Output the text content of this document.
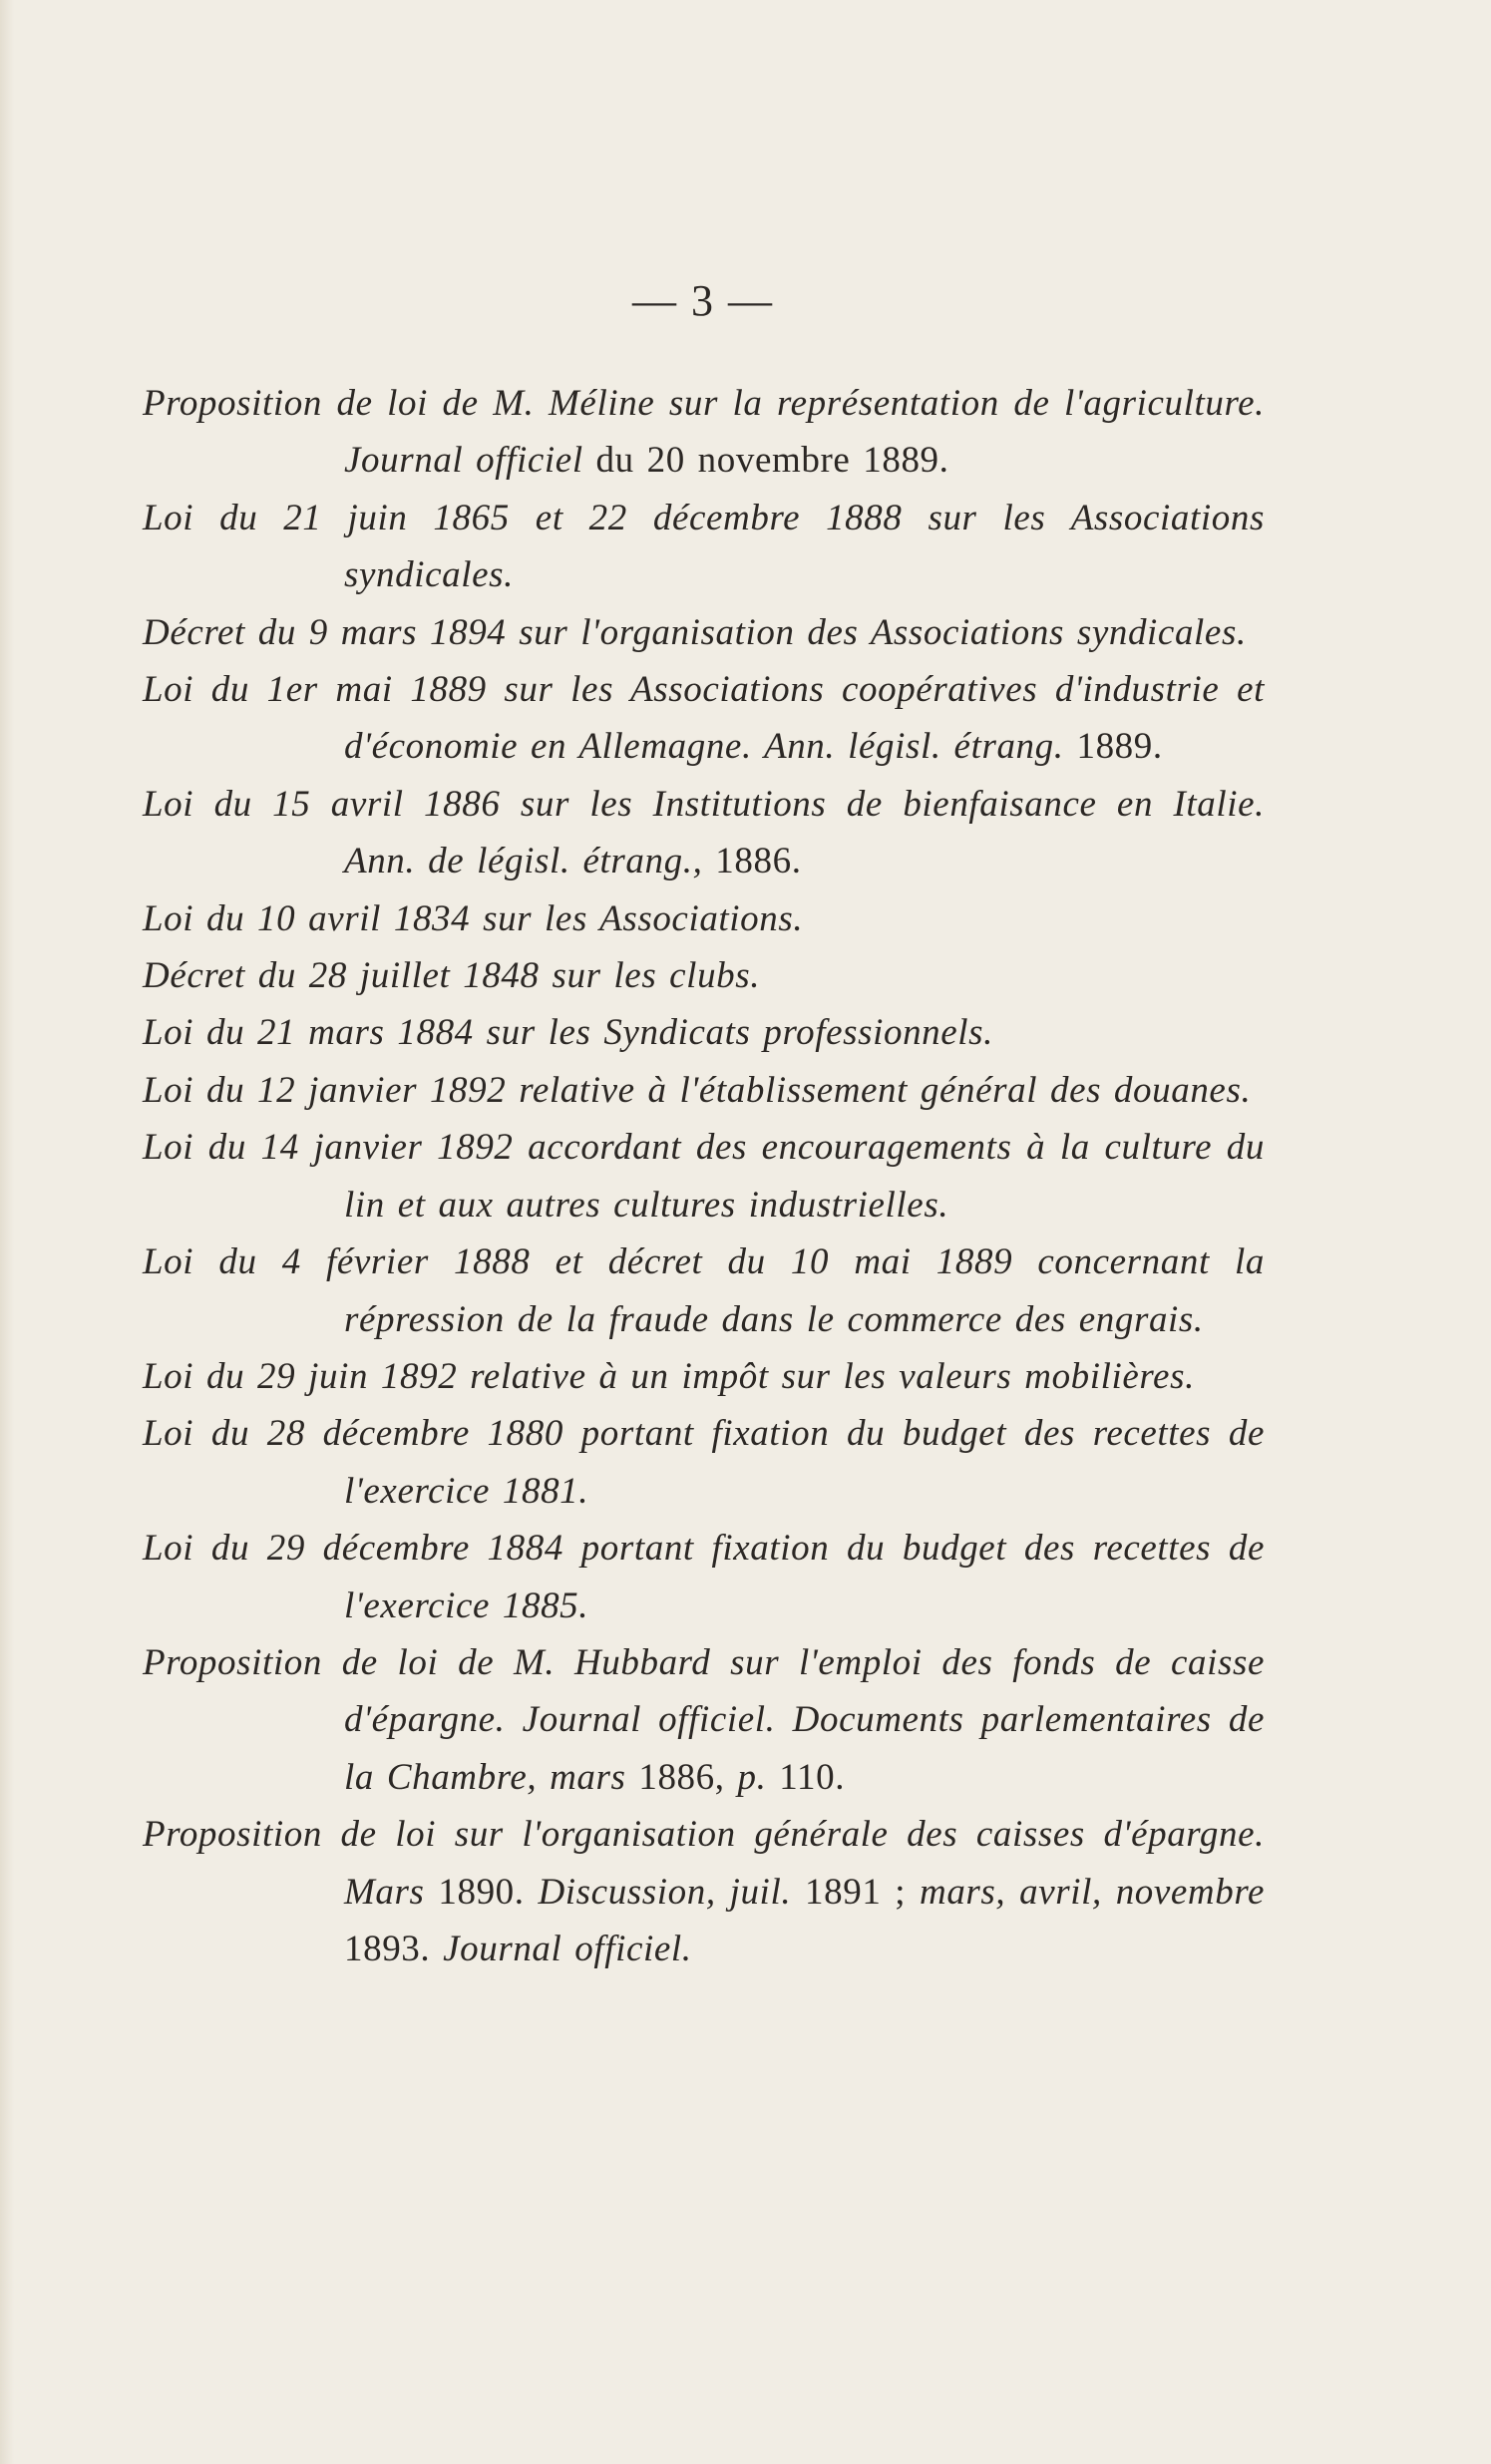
— 3 —
Proposition de loi de M. Méline sur la représentation de l'agriculture. Journal officiel du 20 novembre 1889.
Loi du 21 juin 1865 et 22 décembre 1888 sur les Associations syndicales.
Décret du 9 mars 1894 sur l'organisation des Associations syndicales.
Loi du 1er mai 1889 sur les Associations coopératives d'industrie et d'économie en Allemagne. Ann. législ. étrang. 1889.
Loi du 15 avril 1886 sur les Institutions de bienfaisance en Italie. Ann. de législ. étrang., 1886.
Loi du 10 avril 1834 sur les Associations.
Décret du 28 juillet 1848 sur les clubs.
Loi du 21 mars 1884 sur les Syndicats professionnels.
Loi du 12 janvier 1892 relative à l'établissement général des douanes.
Loi du 14 janvier 1892 accordant des encouragements à la culture du lin et aux autres cultures industrielles.
Loi du 4 février 1888 et décret du 10 mai 1889 concernant la répression de la fraude dans le commerce des engrais.
Loi du 29 juin 1892 relative à un impôt sur les valeurs mobilières.
Loi du 28 décembre 1880 portant fixation du budget des recettes de l'exercice 1881.
Loi du 29 décembre 1884 portant fixation du budget des recettes de l'exercice 1885.
Proposition de loi de M. Hubbard sur l'emploi des fonds de caisse d'épargne. Journal officiel. Documents parlementaires de la Chambre, mars 1886, p. 110.
Proposition de loi sur l'organisation générale des caisses d'épargne. Mars 1890. Discussion, juil. 1891 ; mars, avril, novembre 1893. Journal officiel.
